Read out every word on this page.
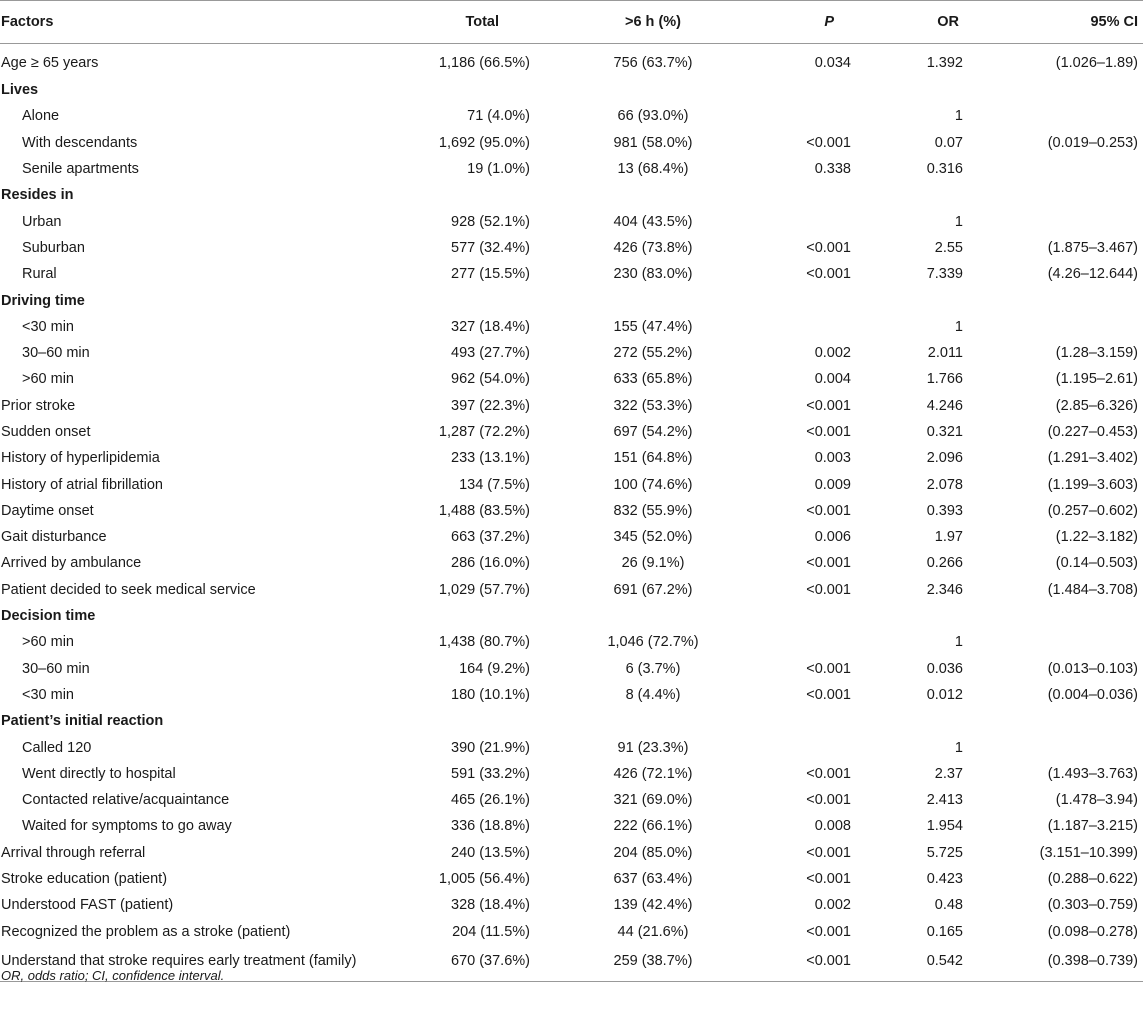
Factors	Total	>6 h (%)	P	OR	95% CI
Age ≥ 65 years	1,186 (66.5%)	756 (63.7%)	0.034	1.392	(1.026–1.89)
Lives					
Alone	71 (4.0%)	66 (93.0%)		1	
With descendants	1,692 (95.0%)	981 (58.0%)	<0.001	0.07	(0.019–0.253)
Senile apartments	19 (1.0%)	13 (68.4%)	0.338	0.316	
Resides in					
Urban	928 (52.1%)	404 (43.5%)		1	
Suburban	577 (32.4%)	426 (73.8%)	<0.001	2.55	(1.875–3.467)
Rural	277 (15.5%)	230 (83.0%)	<0.001	7.339	(4.26–12.644)
Driving time					
<30 min	327 (18.4%)	155 (47.4%)		1	
30–60 min	493 (27.7%)	272 (55.2%)	0.002	2.011	(1.28–3.159)
>60 min	962 (54.0%)	633 (65.8%)	0.004	1.766	(1.195–2.61)
Prior stroke	397 (22.3%)	322 (53.3%)	<0.001	4.246	(2.85–6.326)
Sudden onset	1,287 (72.2%)	697 (54.2%)	<0.001	0.321	(0.227–0.453)
History of hyperlipidemia	233 (13.1%)	151 (64.8%)	0.003	2.096	(1.291–3.402)
History of atrial fibrillation	134 (7.5%)	100 (74.6%)	0.009	2.078	(1.199–3.603)
Daytime onset	1,488 (83.5%)	832 (55.9%)	<0.001	0.393	(0.257–0.602)
Gait disturbance	663 (37.2%)	345 (52.0%)	0.006	1.97	(1.22–3.182)
Arrived by ambulance	286 (16.0%)	26 (9.1%)	<0.001	0.266	(0.14–0.503)
Patient decided to seek medical service	1,029 (57.7%)	691 (67.2%)	<0.001	2.346	(1.484–3.708)
Decision time					
>60 min	1,438 (80.7%)	1,046 (72.7%)		1	
30–60 min	164 (9.2%)	6 (3.7%)	<0.001	0.036	(0.013–0.103)
<30 min	180 (10.1%)	8 (4.4%)	<0.001	0.012	(0.004–0.036)
Patient’s initial reaction					
Called 120	390 (21.9%)	91 (23.3%)		1	
Went directly to hospital	591 (33.2%)	426 (72.1%)	<0.001	2.37	(1.493–3.763)
Contacted relative/acquaintance	465 (26.1%)	321 (69.0%)	<0.001	2.413	(1.478–3.94)
Waited for symptoms to go away	336 (18.8%)	222 (66.1%)	0.008	1.954	(1.187–3.215)
Arrival through referral	240 (13.5%)	204 (85.0%)	<0.001	5.725	(3.151–10.399)
Stroke education (patient)	1,005 (56.4%)	637 (63.4%)	<0.001	0.423	(0.288–0.622)
Understood FAST (patient)	328 (18.4%)	139 (42.4%)	0.002	0.48	(0.303–0.759)
Recognized the problem as a stroke (patient)	204 (11.5%)	44 (21.6%)	<0.001	0.165	(0.098–0.278)
Understand that stroke requires early treatment (family)	670 (37.6%)	259 (38.7%)	<0.001	0.542	(0.398–0.739)
OR, odds ratio; CI, confidence interval.
